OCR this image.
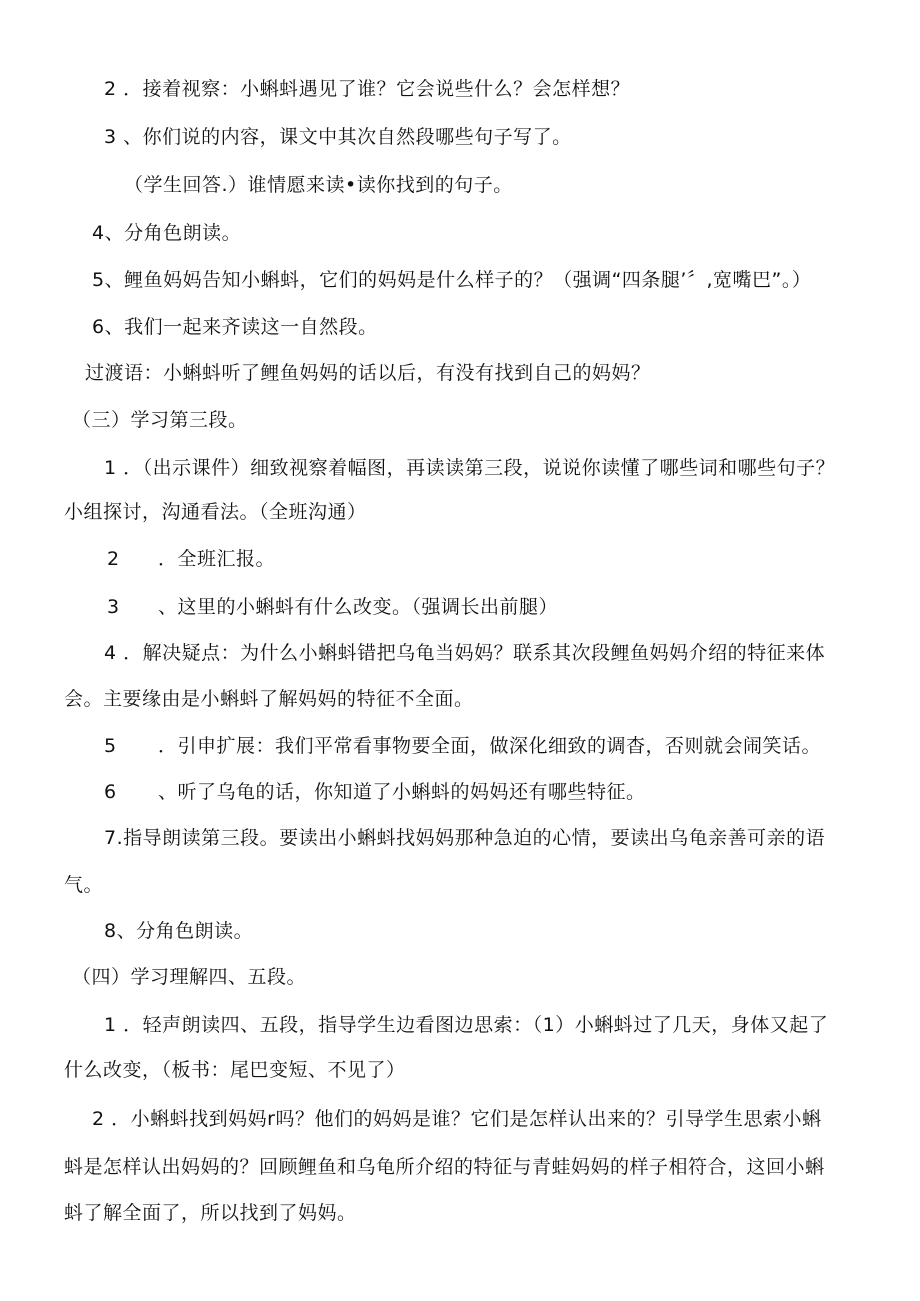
2 ．接着视察：小蝌蚪遇见了谁？它会说些什么？会怎样想？
3 、你们说的内容，课文中其次自然段哪些句子写了。
（学生回答.）谁情愿来读•读你找到的句子。
4、分角色朗读。
5、鲤鱼妈妈告知小蝌蚪，它们的妈妈是什么样子的？（强调“四条腿’〞,宽嘴巴”。）
6、我们一起来齐读这一自然段。
过渡语：小蝌蚪听了鲤鱼妈妈的话以后，有没有找到自己的妈妈？
（三）学习第三段。
1 ．（出示课件）细致视察着幅图，再读读第三段，说说你读懂了哪些词和哪些句子？
小组探讨，沟通看法。（全班沟通）
2 ．全班汇报。
3 、这里的小蝌蚪有什么改变。（强调长出前腿）
4 ．解决疑点：为什么小蝌蚪错把乌龟当妈妈？联系其次段鲤鱼妈妈介绍的特征来体
会。主要缘由是小蝌蚪了解妈妈的特征不全面。
5 ．引申扩展：我们平常看事物要全面，做深化细致的调杳，否则就会闹笑话。
6 、听了乌龟的话，你知道了小蝌蚪的妈妈还有哪些特征。
7.指导朗读第三段。要读出小蝌蚪找妈妈那种急迫的心情，要读出乌龟亲善可亲的语
气。
8、分角色朗读。
（四）学习理解四、五段。
1 ．轻声朗读四、五段，指导学生边看图边思索：（1）小蝌蚪过了几天，身体又起了
什么改变，（板书：尾巴变短、不见了）
2 ．小蝌蚪找到妈妈r吗？他们的妈妈是谁？它们是怎样认出来的？引导学生思索小蝌
蚪是怎样认出妈妈的？回顾鲤鱼和乌龟所介绍的特征与青蛙妈妈的样子相符合，这回小蝌
蚪了解全面了，所以找到了妈妈。
